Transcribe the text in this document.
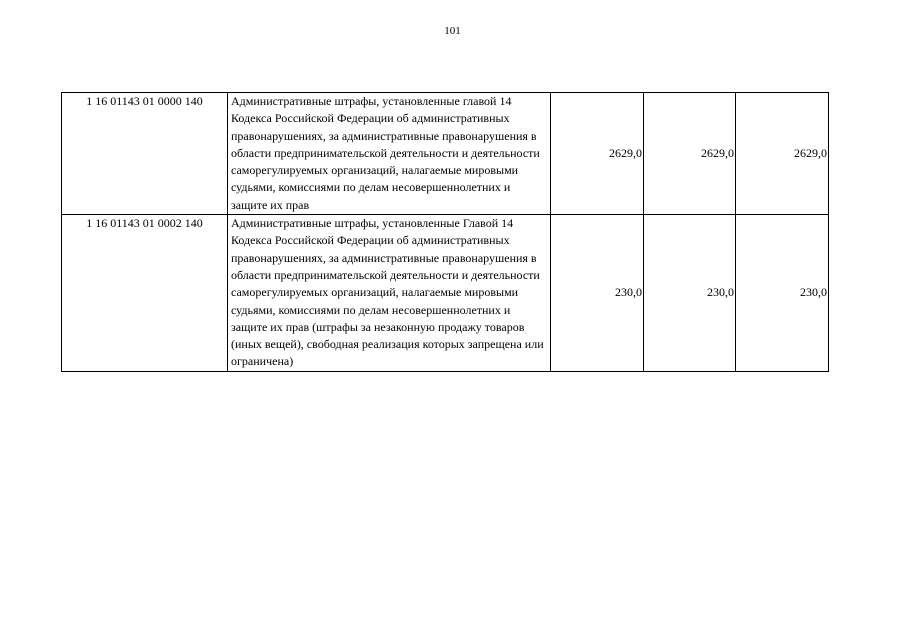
101
1 16 01143 01 0000 140	Административные штрафы, установленные главой 14 Кодекса Российской Федерации об административных правонарушениях, за административные правонарушения в области предпринимательской деятельности и деятельности саморегулируемых организаций, налагаемые мировыми судьями, комиссиями по делам несовершеннолетних и защите их прав	2629,0	2629,0	2629,0
1 16 01143 01 0002 140	Административные штрафы, установленные Главой 14 Кодекса Российской Федерации об административных правонарушениях, за административные правонарушения в области предпринимательской деятельности и деятельности саморегулируемых организаций, налагаемые мировыми судьями, комиссиями по делам несовершеннолетних и защите их прав (штрафы за незаконную продажу товаров (иных вещей), свободная реализация которых запрещена или ограничена)	230,0	230,0	230,0
